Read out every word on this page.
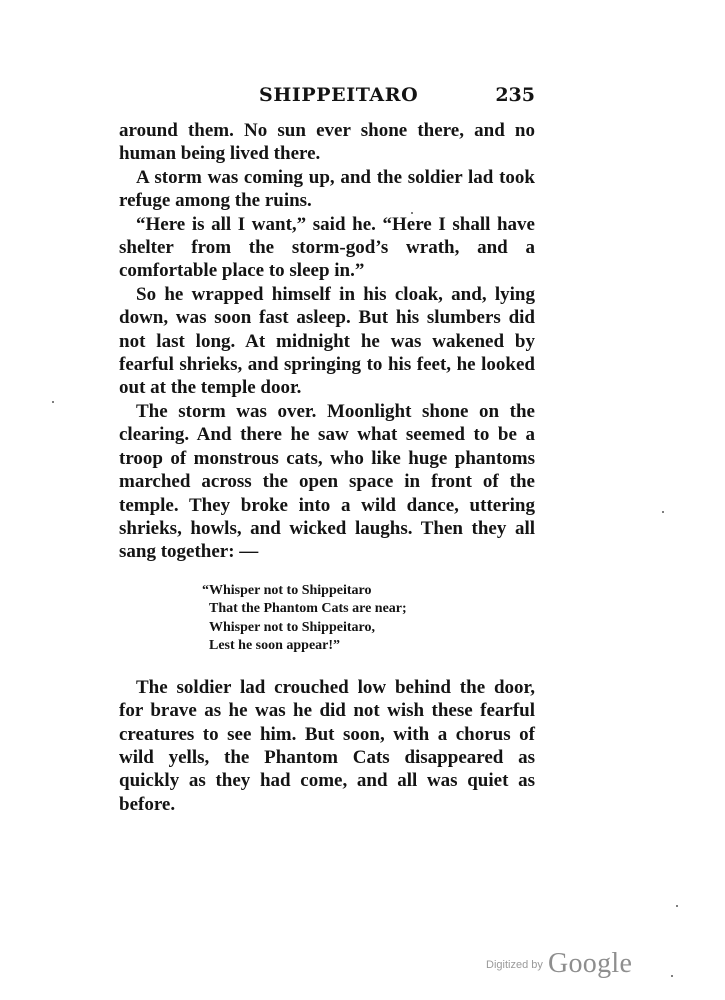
SHIPPEITARO	235

around them. No sun ever shone there, and no human being lived there.

A storm was coming up, and the soldier lad took refuge among the ruins.

“Here is all I want,” said he. “Here I shall have shelter from the storm-god’s wrath, and a comfortable place to sleep in.”

So he wrapped himself in his cloak, and, lying down, was soon fast asleep. But his slumbers did not last long. At midnight he was wakened by fearful shrieks, and springing to his feet, he looked out at the temple door.

The storm was over. Moonlight shone on the clearing. And there he saw what seemed to be a troop of monstrous cats, who like huge phantoms marched across the open space in front of the temple. They broke into a wild dance, uttering shrieks, howls, and wicked laughs. Then they all sang together: —

“Whisper not to Shippeitaro
That the Phantom Cats are near;
Whisper not to Shippeitaro,
Lest he soon appear!”

The soldier lad crouched low behind the door, for brave as he was he did not wish these fearful creatures to see him. But soon, with a chorus of wild yells, the Phantom Cats disappeared as quickly as they had come, and all was quiet as before.

$^{Digitized by}$ Google
